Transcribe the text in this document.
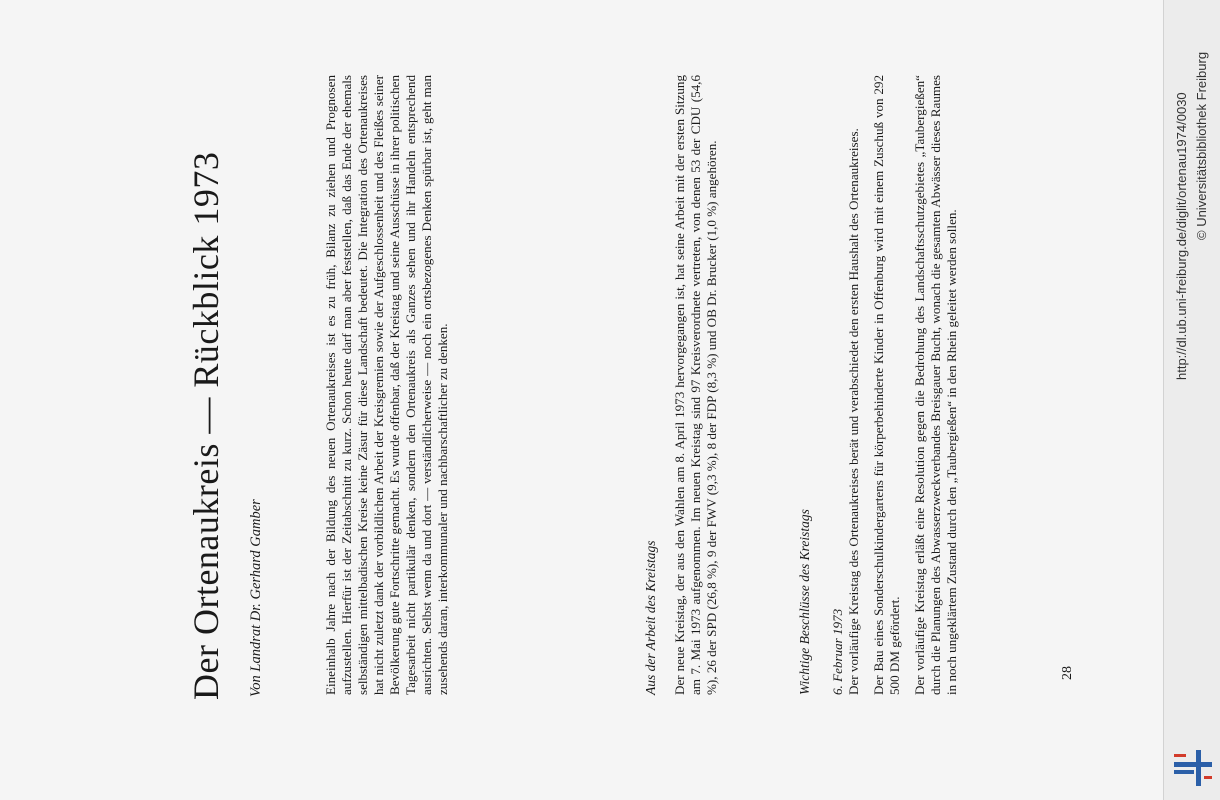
Der Ortenaukreis — Rückblick 1973 Von Landrat Dr. Gerhard Gamber	Eineinhalb Jahre nach der Bildung des neuen Ortenaukreises ist es zu früh, Bilanz zu ziehen und Prognosen aufzustellen. Hierfür ist der Zeitabschnitt zu kurz. Schon heute darf man aber feststellen, daß das Ende der ehemals selbständigen mittelbadischen Kreise keine Zäsur für diese Landschaft bedeutet. Die Integration des Ortenaukreises hat nicht zuletzt dank der vorbildlichen Arbeit der Kreisgremien sowie der Aufgeschlossenheit und des Fleißes seiner Bevölkerung gute Fortschritte gemacht. Es wurde offenbar, daß der Kreistag und seine Ausschüsse in ihrer politischen Tagesarbeit nicht partikulär denken, sondern den Ortenaukreis als Ganzes sehen und ihr Handeln entsprechend ausrichten. Selbst wenn da und dort — verständlicherweise — noch ein ortsbezogenes Denken spürbar ist, geht man zusehends daran, interkommunaler und nachbarschaftlicher zu denken.	Aus der Arbeit des Kreistags Der neue Kreistag, der aus den Wahlen am 8. April 1973 hervorgegangen ist, hat seine Arbeit mit der ersten Sitzung am 7. Mai 1973 aufgenommen. Im neuen Kreistag sind 97 Kreisverordnete vertreten, von denen 53 der CDU (54,6 %), 26 der SPD (26,8 %), 9 der FWV (9,3 %), 8 der FDP (8,3 %) und OB Dr. Brucker (1,0 %) angehören.	Wichtige Beschlüsse des Kreistags 6. Februar 1973 Der vorläufige Kreistag des Ortenaukreises berät und verabschiedet den ersten Haushalt des Ortenaukreises. Der Bau eines Sonderschulkindergartens für körperbehinderte Kinder in Offenburg wird mit einem Zuschuß von 292 500 DM gefördert. Der vorläufige Kreistag erläßt eine Resolution gegen die Bedrohung des Landschaftsschutzgebietes „Taubergießen“ durch die Planungen des Abwasserzweckverbandes Breisgauer Bucht, wonach die gesamten Abwässer dieses Raumes in noch ungeklärtem Zustand durch den „Taubergießen“ in den Rhein geleitet werden sollen.	28
http://dl.ub.uni-freiburg.de/diglit/ortenau1974/0030 © Universitätsbibliothek Freiburg
